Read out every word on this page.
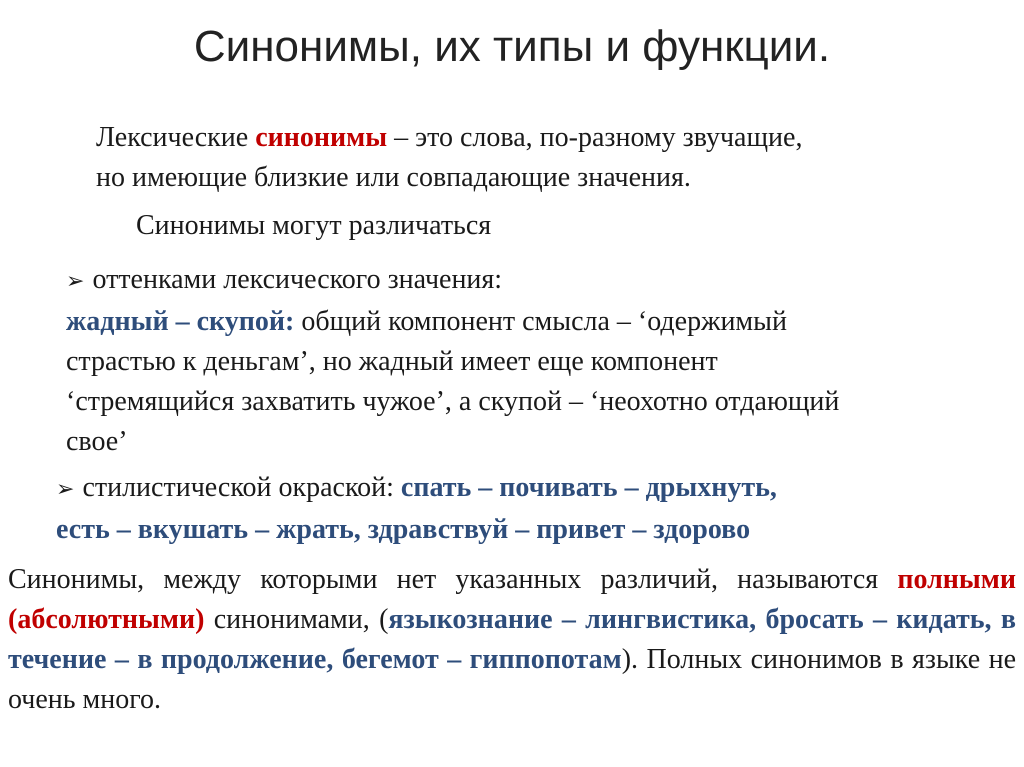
Синонимы, их типы и функции.
Лексические синонимы – это слова, по-разному звучащие,
но имеющие близкие или совпадающие значения.
Синонимы могут различаться
➢ оттенками лексического значения:
жадный – скупой: общий компонент смысла – ‘одержимый
страстью к деньгам’, но жадный имеет еще компонент
‘стремящийся захватить чужое’, а скупой – ‘неохотно отдающий
свое’
➢ стилистической окраской: спать – почивать – дрыхнуть,
есть – вкушать – жрать, здравствуй – привет – здорово
Синонимы, между которыми нет указанных различий, называются полными (абсолютными) синонимами, (языкознание – лингвистика, бросать – кидать, в течение – в продолжение, бегемот – гиппопотам). Полных синонимов в языке не очень много.
